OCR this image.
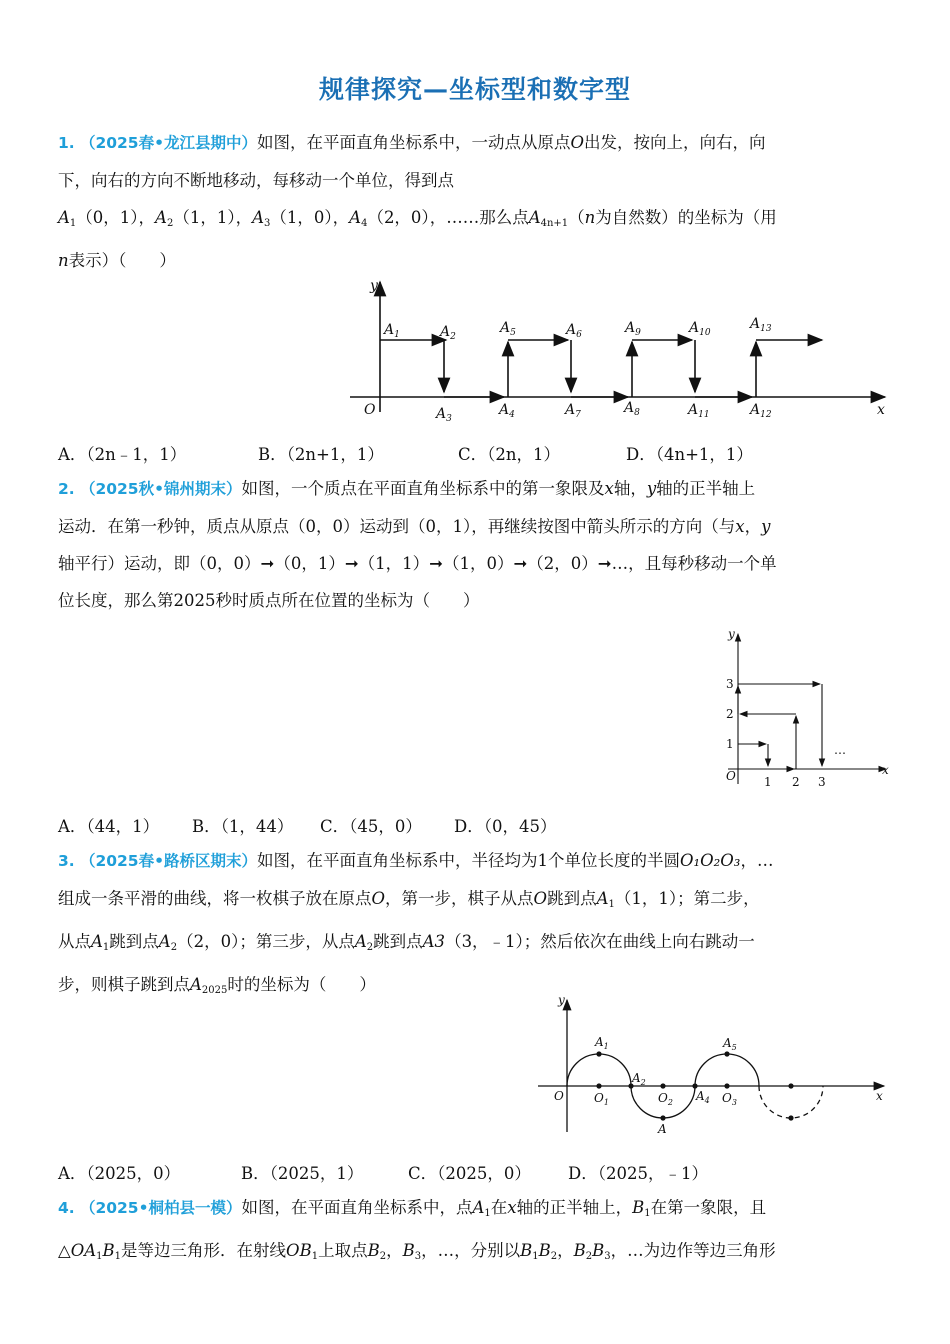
规律探究—坐标型和数字型
1. （2025春•龙江县期中）如图，在平面直角坐标系中，一动点从原点O出发，按向上，向右，向
下，向右的方向不断地移动，每移动一个单位，得到点
$A_1(0$，1），$A_2(1$，1），$A_3(1$，0），$A_4(2$，0），……那么点$A_{4n+1}(n$为自然数）的坐标为（用
n表示）（　　）
y
x
O
$A_1$	$A_2$
$A_3$
$A_4$
$A_5$	$A_6$
$A_7$	$A_8$
$A_9$	$A_{10}$
$A_{11}$	$A_{12}$
$A_{13}$
A．（2n﹣1，1）	B．（2n+1，1）	C．（2n，1）	D．（4n+1，1）
2. （2025秋•锦州期末）如图，一个质点在平面直角坐标系中的第一象限及x轴，y轴的正半轴上
运动．在第一秒钟，质点从原点（0，0）运动到（0，1），再继续按图中箭头所示的方向（与x，y
轴平行）运动，即（0，0）➞（0，1）➞（1，1）➞（1，0）➞（2，0）➞…，且每秒移动一个单
位长度，那么第2025秒时质点所在位置的坐标为（　　）
y
x
O
1
2
3
1 2 3
…
A．（44，1） B．（1，44） C．（45，0） D．（0，45）
3. （2025春•路桥区期末）如图，在平面直角坐标系中，半径均为1个单位长度的半圆O₁O₂O₃，…
组成一条平滑的曲线，将一枚棋子放在原点O，第一步，棋子从点O跳到点$A_1(1$，1）；第二步，
从点$A_1$跳到点$A_2(2$，0）；第三步，从点$A_2$跳到点A3（3，﹣1）；然后依次在曲线上向右跳动一
步，则棋子跳到点$A_{2025}$时的坐标为（　　）
y
x
O
$A_1$
$A_2$
A
$A_4$
$A_5$
$O_1$	$O_2$	$O_3$
A．（2025，0）	B．（2025，1）	C．（2025，0） D．（2025，﹣1）
4. （2025•桐柏县一模）如图，在平面直角坐标系中，点$A_1$在x轴的正半轴上，$B_1$在第一象限，且
$\triangle OA_1B_1$是等边三角形．在射线$OB_1$上取点$B_2$，$B_3$，…，分别以$B_1B_2$，$B_2B_3$，…为边作等边三角形
